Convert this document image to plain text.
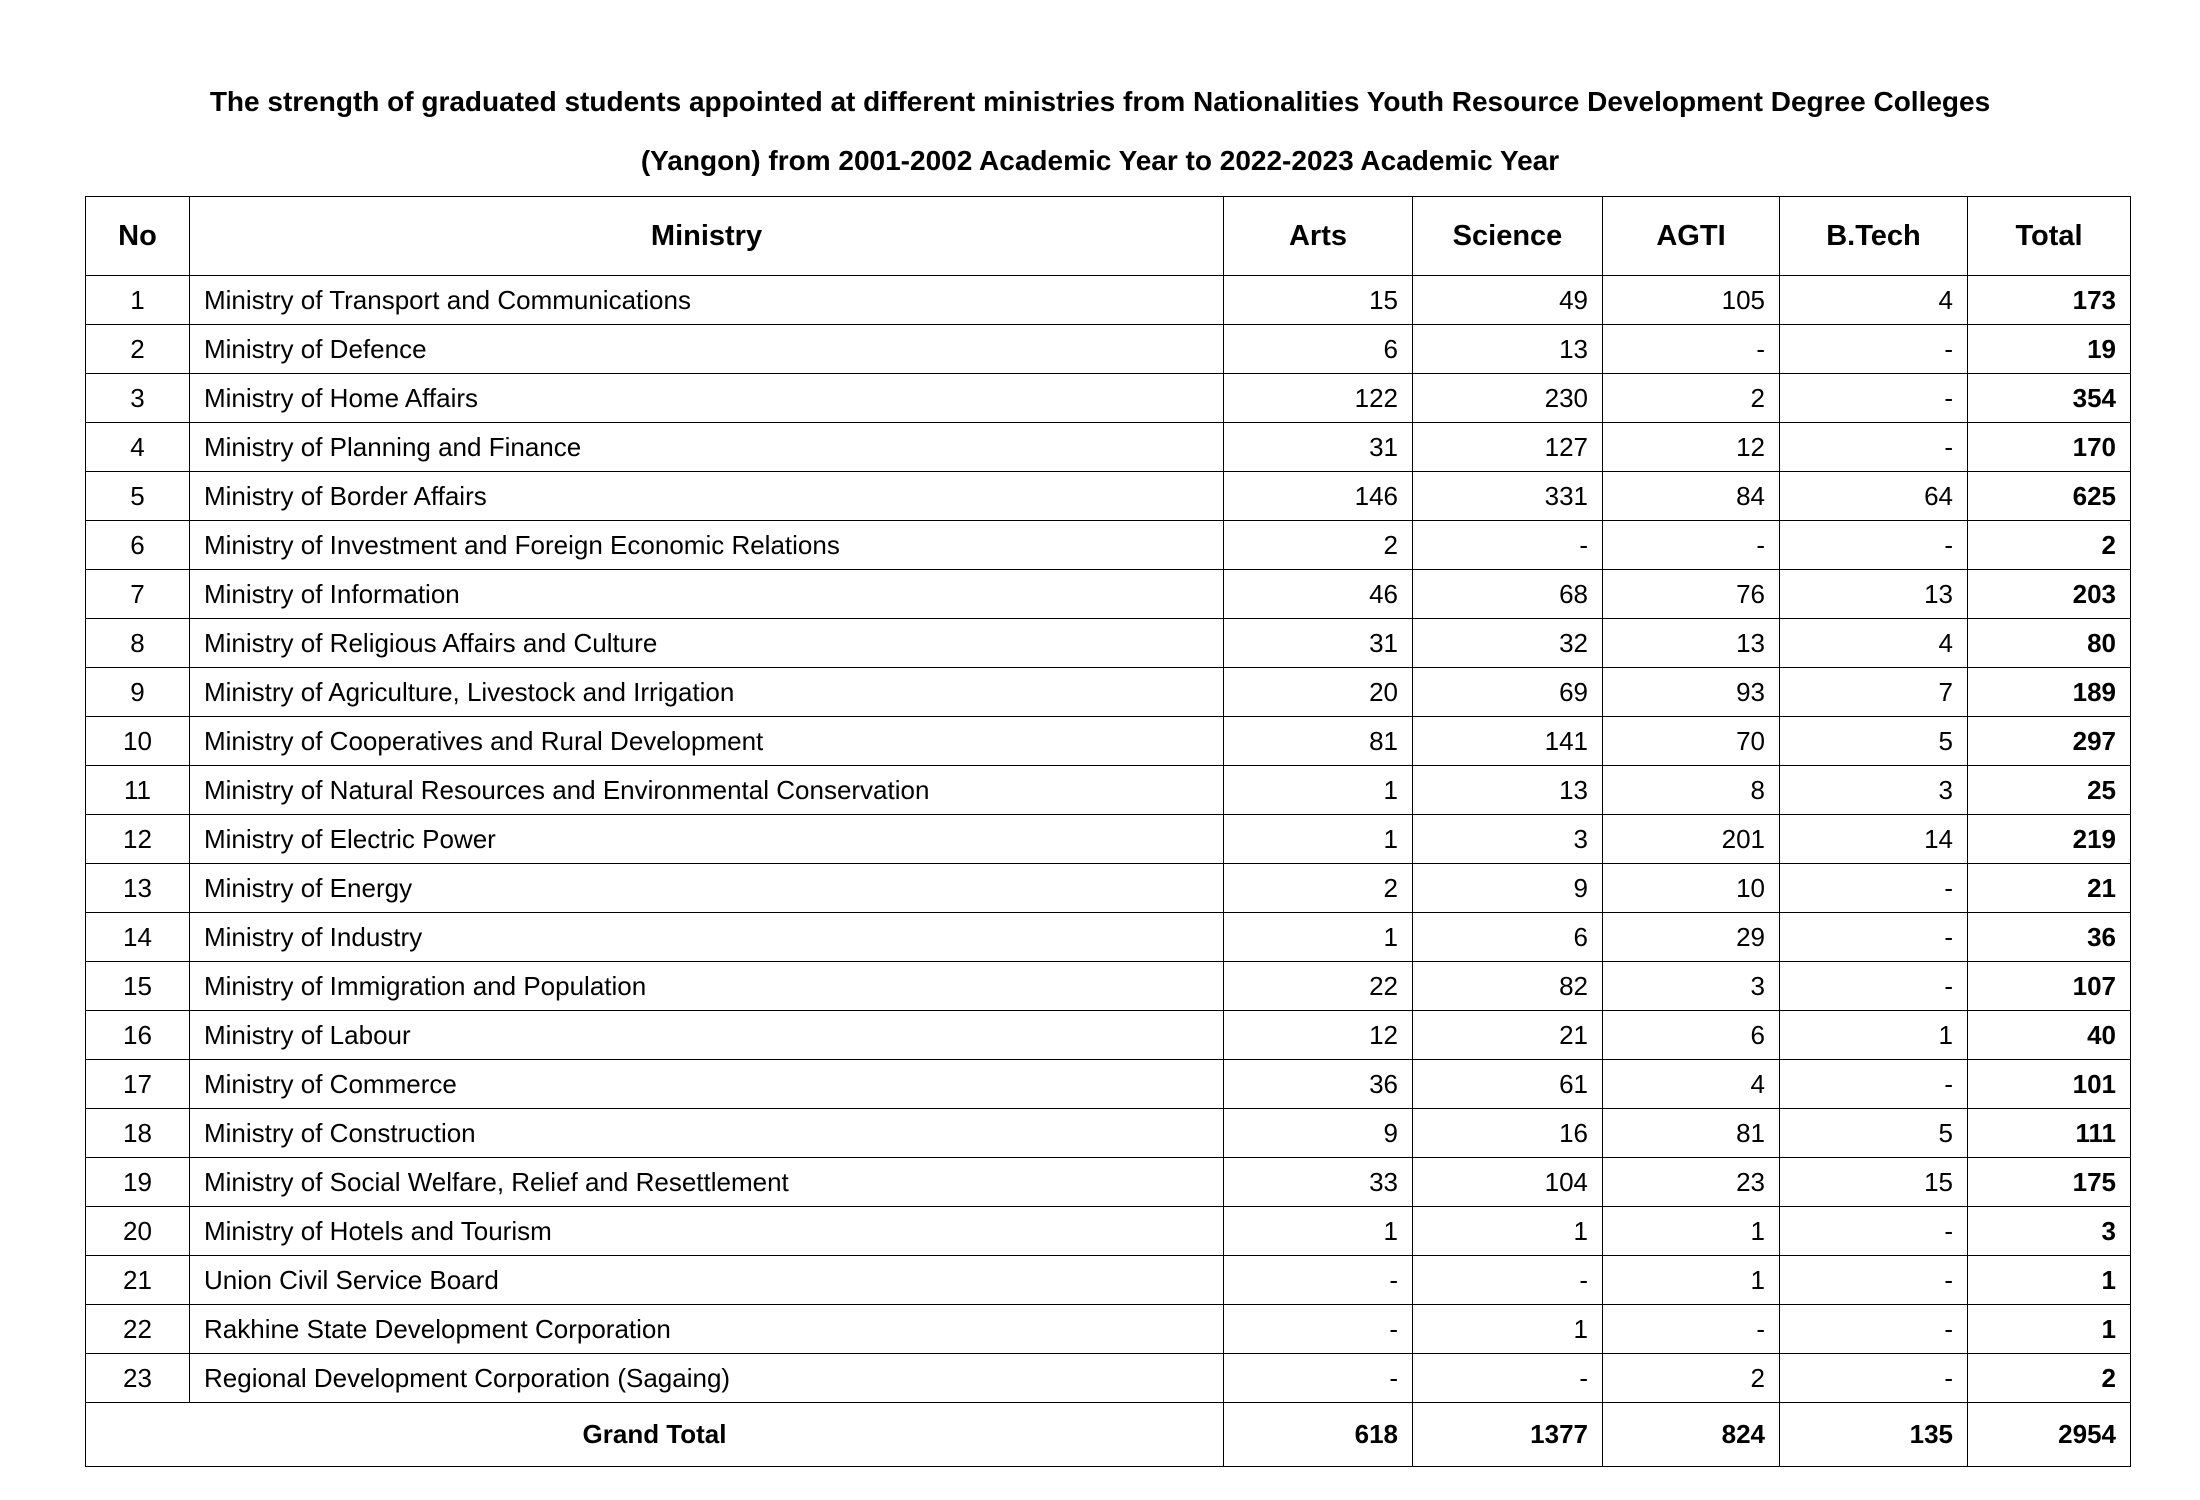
The strength of graduated students appointed at different ministries from Nationalities Youth Resource Development Degree Colleges
(Yangon) from 2001-2002 Academic Year to 2022-2023 Academic Year
No	Ministry	Arts	Science	AGTI	B.Tech	Total
1	Ministry of Transport and Communications	15	49	105	4	173
2	Ministry of Defence	6	13	-	-	19
3	Ministry of Home Affairs	122	230	2	-	354
4	Ministry of Planning and Finance	31	127	12	-	170
5	Ministry of Border Affairs	146	331	84	64	625
6	Ministry of Investment and Foreign Economic Relations	2	-	-	-	2
7	Ministry of Information	46	68	76	13	203
8	Ministry of Religious Affairs and Culture	31	32	13	4	80
9	Ministry of Agriculture, Livestock and Irrigation	20	69	93	7	189
10	Ministry of Cooperatives and Rural Development	81	141	70	5	297
11	Ministry of Natural Resources and Environmental Conservation	1	13	8	3	25
12	Ministry of Electric Power	1	3	201	14	219
13	Ministry of Energy	2	9	10	-	21
14	Ministry of Industry	1	6	29	-	36
15	Ministry of Immigration and Population	22	82	3	-	107
16	Ministry of Labour	12	21	6	1	40
17	Ministry of Commerce	36	61	4	-	101
18	Ministry of Construction	9	16	81	5	111
19	Ministry of Social Welfare, Relief and Resettlement	33	104	23	15	175
20	Ministry of Hotels and Tourism	1	1	1	-	3
21	Union Civil Service Board	-	-	1	-	1
22	Rakhine State Development Corporation	-	1	-	-	1
23	Regional Development Corporation (Sagaing)	-	-	2	-	2
Grand Total		618	1377	824	135	2954
